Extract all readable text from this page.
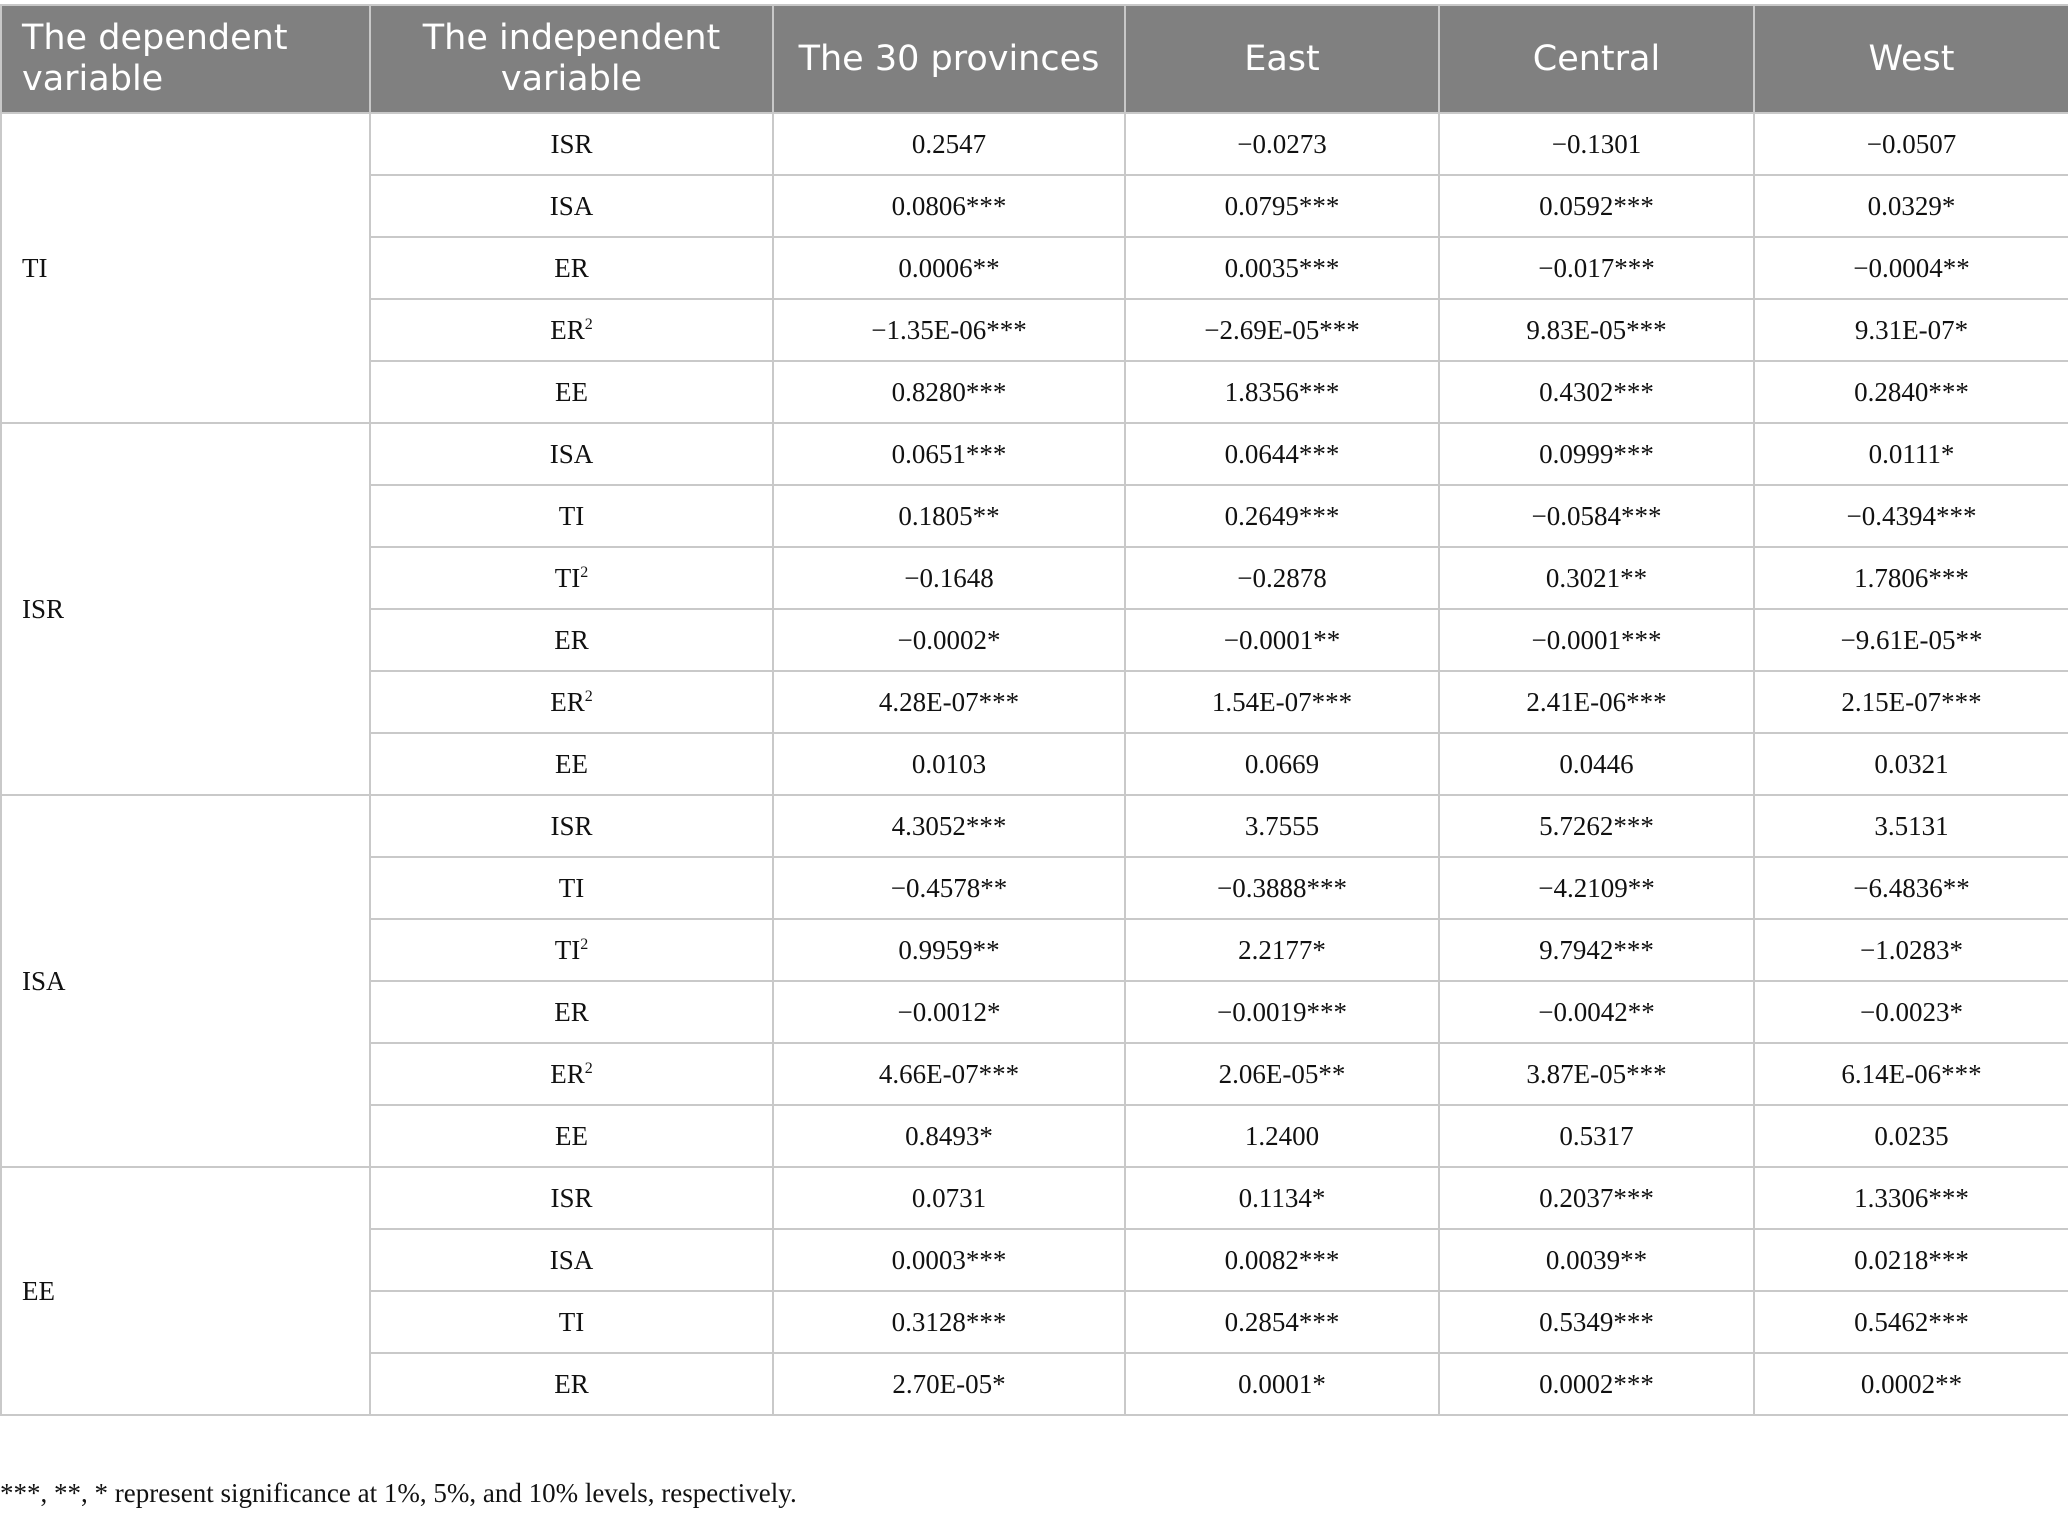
The dependent variable	The independent variable	The 30 provinces	East	Central	West
TI	ISR	0.2547	−0.0273	−0.1301	−0.0507
	ISA	0.0806***	0.0795***	0.0592***	0.0329*
	ER	0.0006**	0.0035***	−0.017***	−0.0004**
	$ER^2$	−1.35E-06***	−2.69E-05***	9.83E-05***	9.31E-07*
	EE	0.8280***	1.8356***	0.4302***	0.2840***
ISR	ISA	0.0651***	0.0644***	0.0999***	0.0111*
	TI	0.1805**	0.2649***	−0.0584***	−0.4394***
	$TI^2$	−0.1648	−0.2878	0.3021**	1.7806***
	ER	−0.0002*	−0.0001**	−0.0001***	−9.61E-05**
	$ER^2$	4.28E-07***	1.54E-07***	2.41E-06***	2.15E-07***
	EE	0.0103	0.0669	0.0446	0.0321
ISA	ISR	4.3052***	3.7555	5.7262***	3.5131
	TI	−0.4578**	−0.3888***	−4.2109**	−6.4836**
	$TI^2$	0.9959**	2.2177*	9.7942***	−1.0283*
	ER	−0.0012*	−0.0019***	−0.0042**	−0.0023*
	$ER^2$	4.66E-07***	2.06E-05**	3.87E-05***	6.14E-06***
	EE	0.8493*	1.2400	0.5317	0.0235
EE	ISR	0.0731	0.1134*	0.2037***	1.3306***
	ISA	0.0003***	0.0082***	0.0039**	0.0218***
	TI	0.3128***	0.2854***	0.5349***	0.5462***
	ER	2.70E-05*	0.0001*	0.0002***	0.0002**
***, **, * represent significance at 1%, 5%, and 10% levels, respectively.
